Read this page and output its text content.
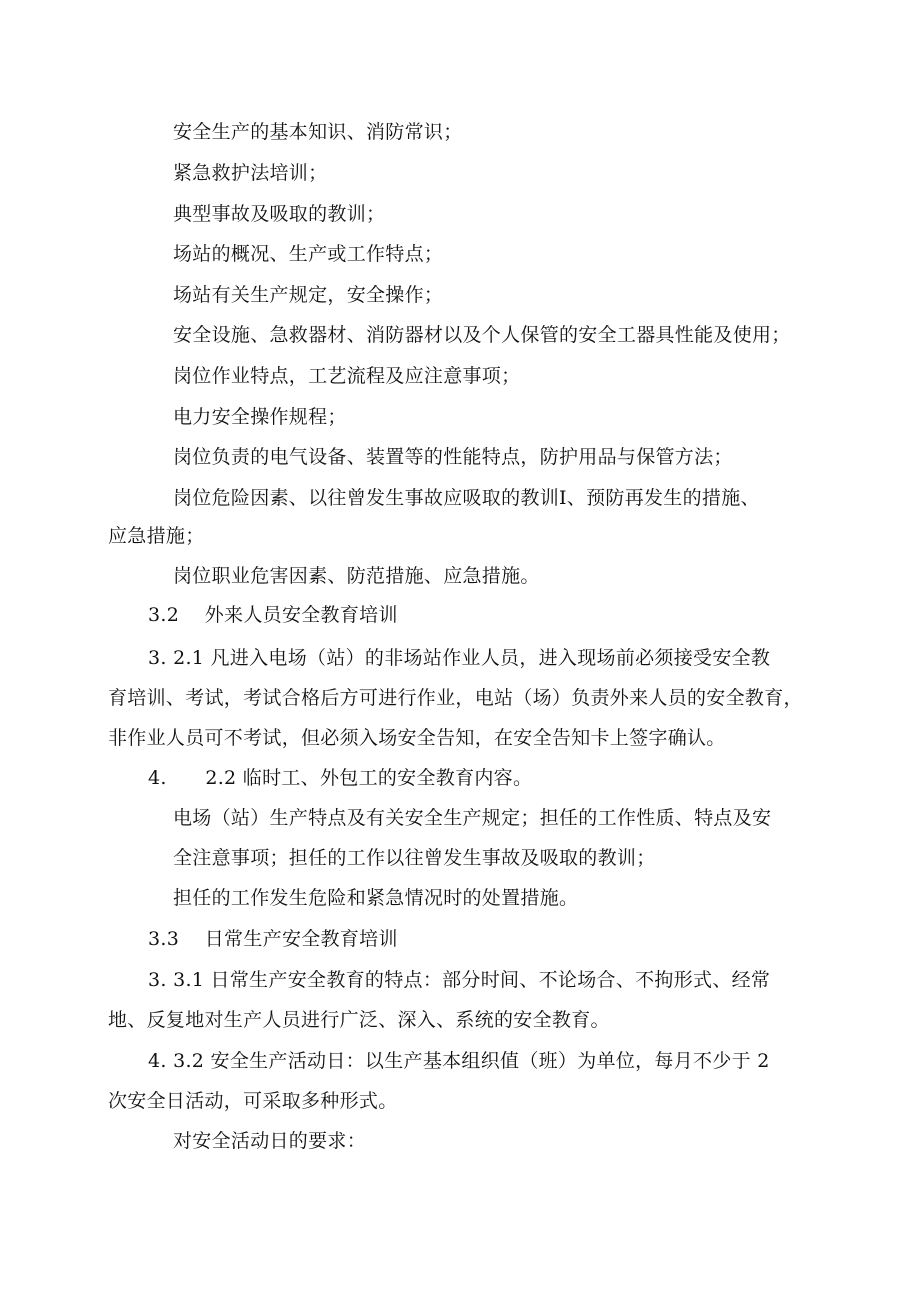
安全生产的基本知识、消防常识；
紧急救护法培训；
典型事故及吸取的教训；
场站的概况、生产或工作特点；
场站有关生产规定，安全操作；
安全设施、急救器材、消防器材以及个人保管的安全工器具性能及使用；
岗位作业特点，工艺流程及应注意事项；
电力安全操作规程；
岗位负责的电气设备、装置等的性能特点，防护用品与保管方法；
岗位危险因素、以往曾发生事故应吸取的教训I、预防再发生的措施、
应急措施；
岗位职业危害因素、防范措施、应急措施。
3.2　 外来人员安全教育培训
3. 2.1 凡进入电场（站）的非场站作业人员，进入现场前必须接受安全教
育培训、考试，考试合格后方可进行作业，电站（场）负责外来人员的安全教育，
非作业人员可不考试，但必须入场安全告知，在安全告知卡上签字确认。
4.　　2.2 临时工、外包工的安全教育内容。
电场（站）生产特点及有关安全生产规定；担任的工作性质、特点及安
全注意事项；担任的工作以往曾发生事故及吸取的教训；
担任的工作发生危险和紧急情况时的处置措施。
3.3　 日常生产安全教育培训
3. 3.1 日常生产安全教育的特点：部分时间、不论场合、不拘形式、经常
地、反复地对生产人员进行广泛、深入、系统的安全教育。
4. 3.2 安全生产活动日：以生产基本组织值（班）为单位，每月不少于 2
次安全日活动，可采取多种形式。
对安全活动日的要求：
